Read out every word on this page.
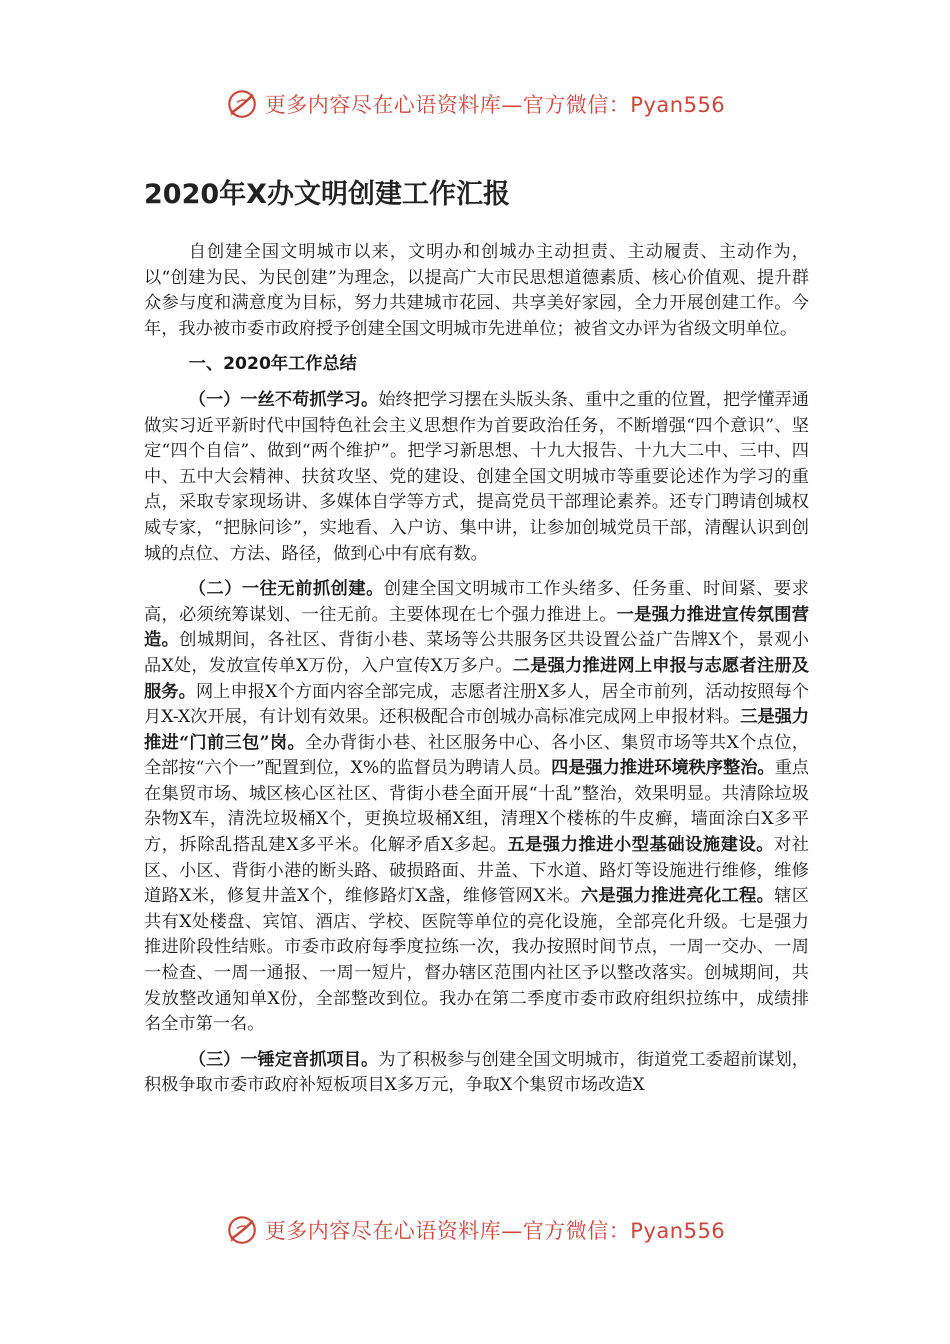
更多内容尽在心语资料库—官方微信：Pyan556
2020年X办文明创建工作汇报

自创建全国文明城市以来，文明办和创城办主动担责、主动履责、主动作为，以“创建为民、为民创建”为理念，以提高广大市民思想道德素质、核心价值观、提升群众参与度和满意度为目标，努力共建城市花园、共享美好家园，全力开展创建工作。今年，我办被市委市政府授予创建全国文明城市先进单位；被省文办评为省级文明单位。

一、2020年工作总结

（一）一丝不苟抓学习。始终把学习摆在头版头条、重中之重的位置，把学懂弄通做实习近平新时代中国特色社会主义思想作为首要政治任务，不断增强“四个意识”、坚定“四个自信”、做到“两个维护”。把学习新思想、十九大报告、十九大二中、三中、四中、五中大会精神、扶贫攻坚、党的建设、创建全国文明城市等重要论述作为学习的重点，采取专家现场讲、多媒体自学等方式，提高党员干部理论素养。还专门聘请创城权威专家，“把脉问诊”，实地看、入户访、集中讲，让参加创城党员干部，清醒认识到创城的点位、方法、路径，做到心中有底有数。

（二）一往无前抓创建。创建全国文明城市工作头绪多、任务重、时间紧、要求高，必须统筹谋划、一往无前。主要体现在七个强力推进上。一是强力推进宣传氛围营造。创城期间，各社区、背街小巷、菜场等公共服务区共设置公益广告牌X个，景观小品X处，发放宣传单X万份，入户宣传X万多户。二是强力推进网上申报与志愿者注册及服务。网上申报X个方面内容全部完成，志愿者注册X多人，居全市前列，活动按照每个月X-X次开展，有计划有效果。还积极配合市创城办高标准完成网上申报材料。三是强力推进“门前三包”岗。全办背街小巷、社区服务中心、各小区、集贸市场等共X个点位，全部按“六个一”配置到位，X%的监督员为聘请人员。四是强力推进环境秩序整治。重点在集贸市场、城区核心区社区、背街小巷全面开展“十乱”整治，效果明显。共清除垃圾杂物X车，清洗垃圾桶X个，更换垃圾桶X组，清理X个楼栋的牛皮癣，墙面涂白X多平方，拆除乱搭乱建X多平米。化解矛盾X多起。五是强力推进小型基础设施建设。对社区、小区、背街小港的断头路、破损路面、井盖、下水道、路灯等设施进行维修，维修道路X米，修复井盖X个，维修路灯X盏，维修管网X米。六是强力推进亮化工程。辖区共有X处楼盘、宾馆、酒店、学校、医院等单位的亮化设施，全部亮化升级。七是强力推进阶段性结账。市委市政府每季度拉练一次，我办按照时间节点，一周一交办、一周一检查、一周一通报、一周一短片，督办辖区范围内社区予以整改落实。创城期间，共发放整改通知单X份，全部整改到位。我办在第二季度市委市政府组织拉练中，成绩排名全市第一名。

（三）一锤定音抓项目。为了积极参与创建全国文明城市，街道党工委超前谋划，积极争取市委市政府补短板项目X多万元，争取X个集贸市场改造X

更多内容尽在心语资料库—官方微信：Pyan556
